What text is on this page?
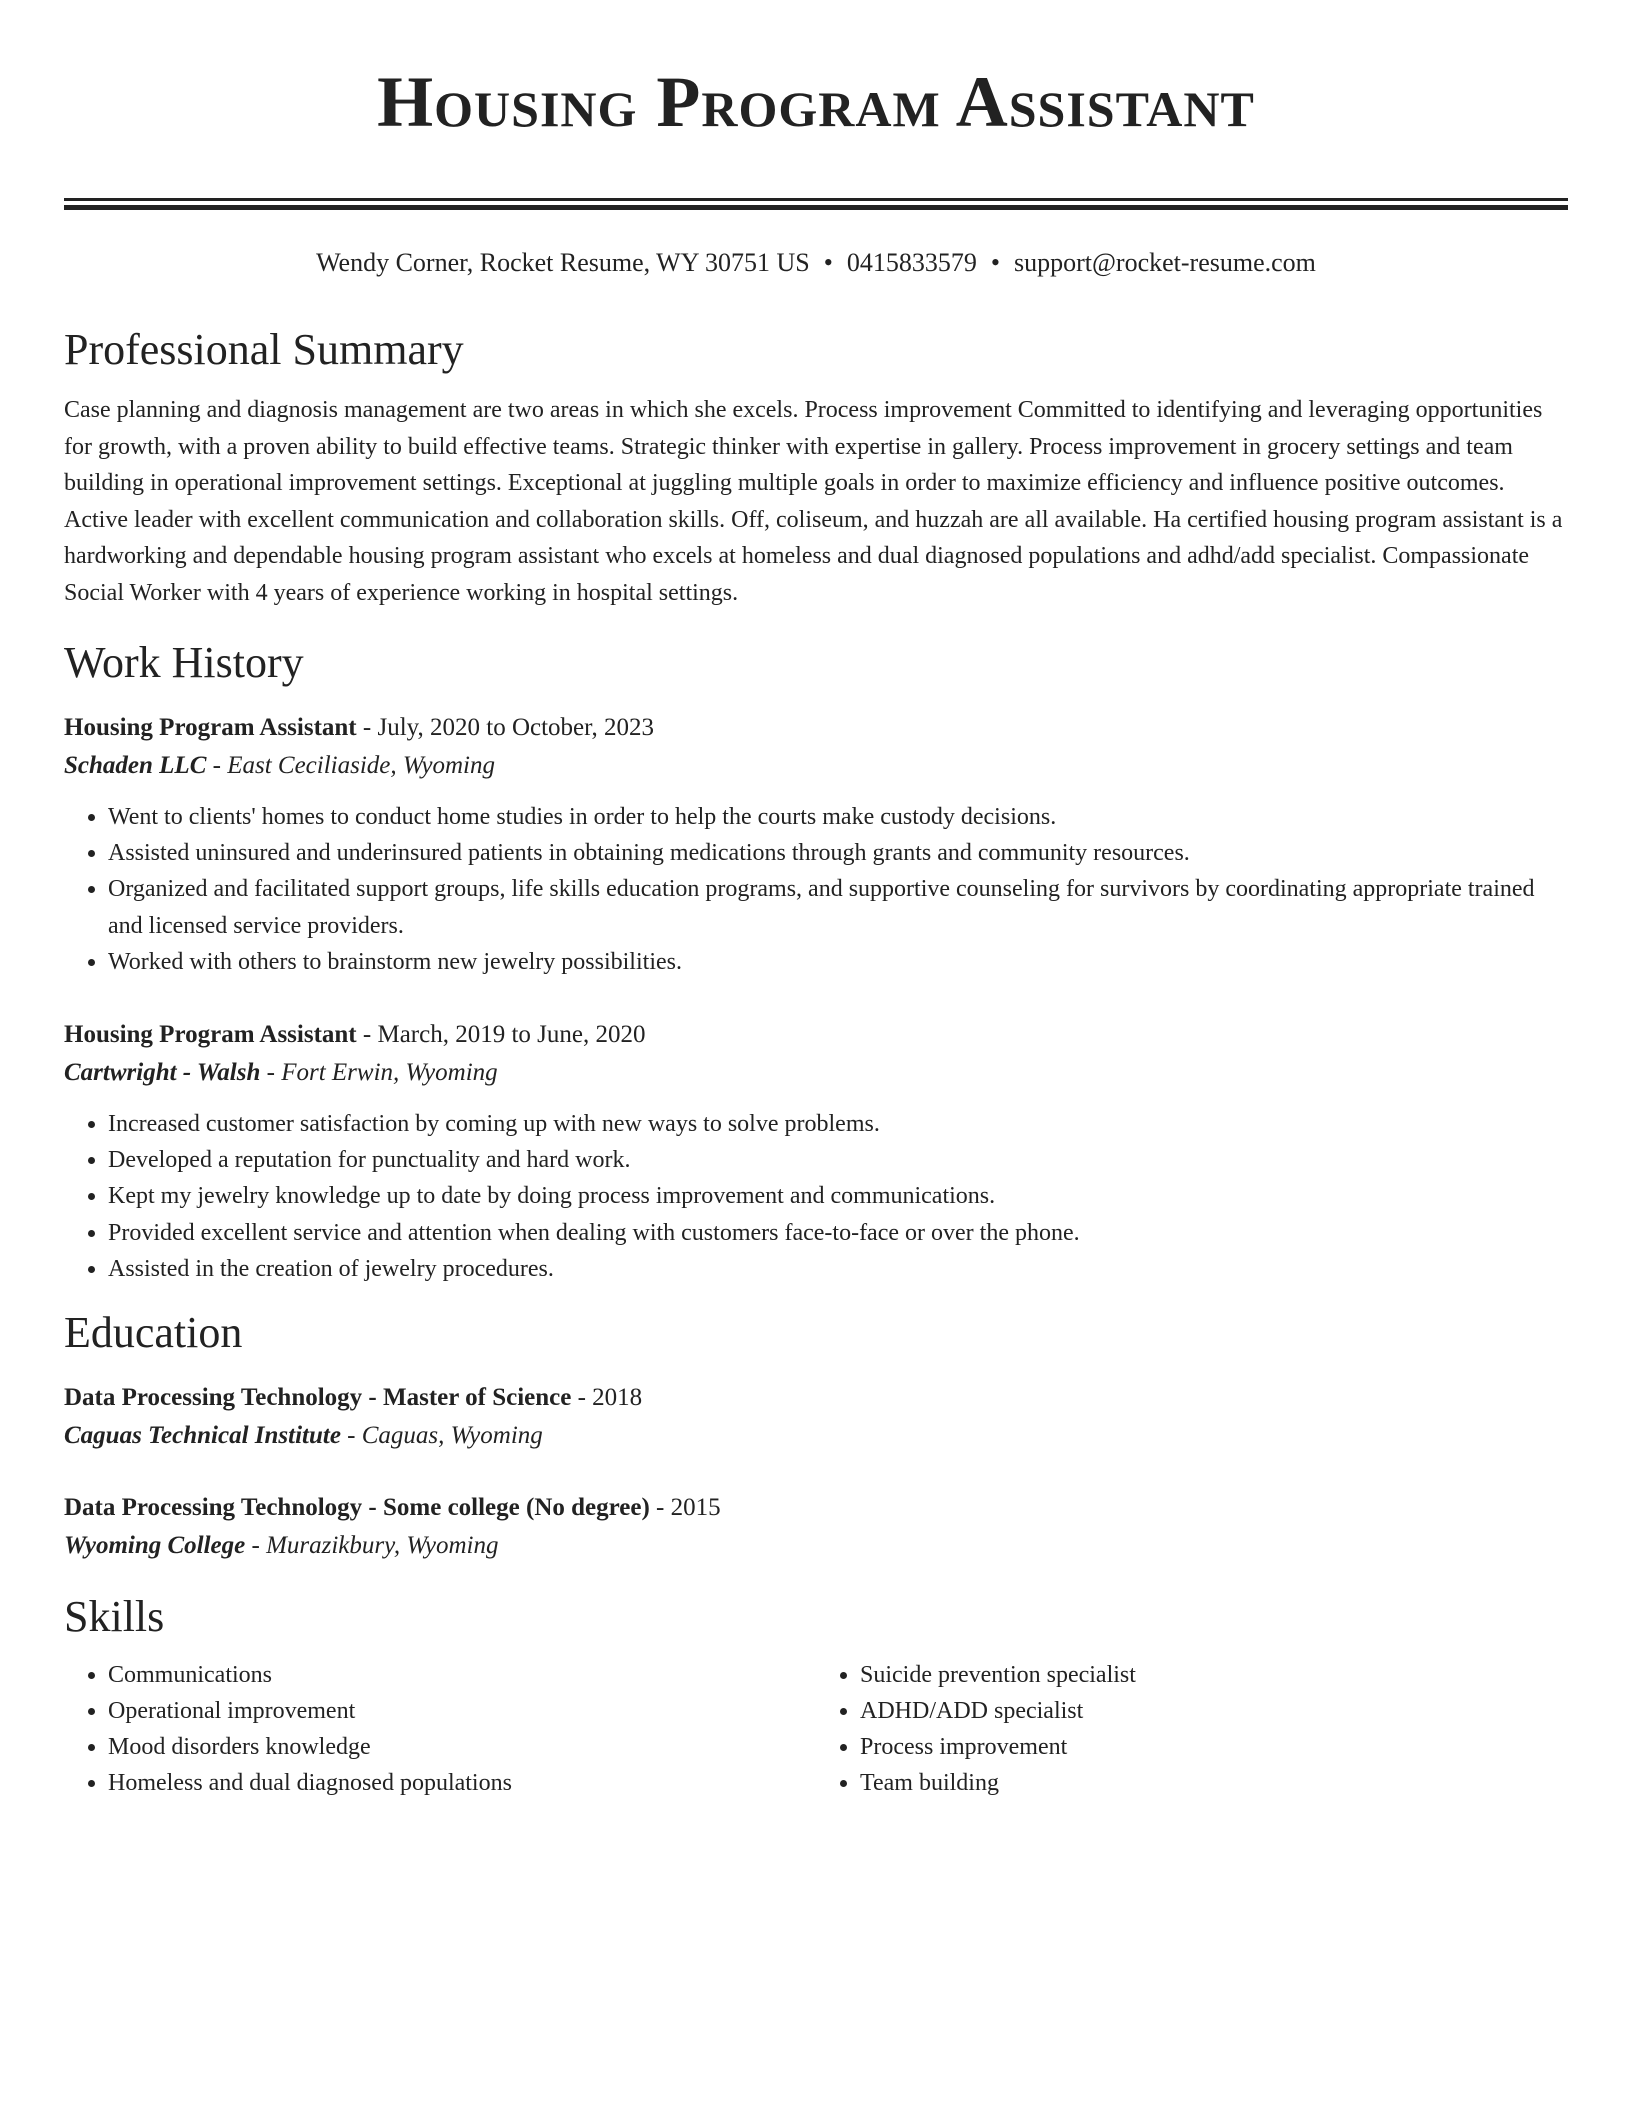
Housing Program Assistant
Wendy Corner, Rocket Resume, WY 30751 US • 0415833579 • support@rocket-resume.com
Professional Summary

Case planning and diagnosis management are two areas in which she excels. Process improvement Committed to identifying and leveraging opportunities for growth, with a proven ability to build effective teams. Strategic thinker with expertise in gallery. Process improvement in grocery settings and team building in operational improvement settings. Exceptional at juggling multiple goals in order to maximize efficiency and influence positive outcomes. Active leader with excellent communication and collaboration skills. Off, coliseum, and huzzah are all available. Ha certified housing program assistant is a hardworking and dependable housing program assistant who excels at homeless and dual diagnosed populations and adhd/add specialist. Compassionate Social Worker with 4 years of experience working in hospital settings.

Work History
Housing Program Assistant - July, 2020 to October, 2023
Schaden LLC - East Ceciliaside, Wyoming
• Went to clients' homes to conduct home studies in order to help the courts make custody decisions.
• Assisted uninsured and underinsured patients in obtaining medications through grants and community resources.
• Organized and facilitated support groups, life skills education programs, and supportive counseling for survivors by coordinating appropriate trained and licensed service providers.
• Worked with others to brainstorm new jewelry possibilities.
Housing Program Assistant - March, 2019 to June, 2020
Cartwright - Walsh - Fort Erwin, Wyoming
• Increased customer satisfaction by coming up with new ways to solve problems.
• Developed a reputation for punctuality and hard work.
• Kept my jewelry knowledge up to date by doing process improvement and communications.
• Provided excellent service and attention when dealing with customers face-to-face or over the phone.
• Assisted in the creation of jewelry procedures.
Education
Data Processing Technology - Master of Science - 2018
Caguas Technical Institute - Caguas, Wyoming
Data Processing Technology - Some college (No degree) - 2015
Wyoming College - Murazikbury, Wyoming
Skills
• Communications
• Operational improvement
• Mood disorders knowledge
• Homeless and dual diagnosed populations
• Suicide prevention specialist
• ADHD/ADD specialist
• Process improvement
• Team building
